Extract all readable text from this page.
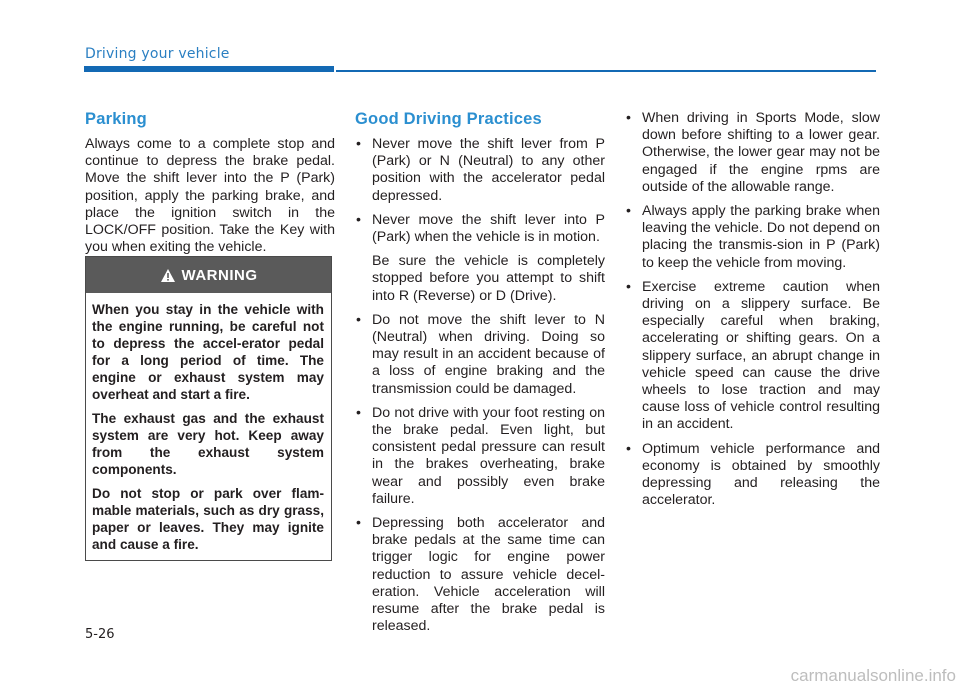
Driving your vehicle
Parking

Always come to a complete stop and continue to depress the brake pedal. Move the shift lever into the P (Park) position, apply the parking brake, and place the ignition switch in the LOCK/OFF position. Take the Key with you when exiting the vehicle.

WARNING

When you stay in the vehicle with the engine running, be careful not to depress the accel-erator pedal for a long period of time. The engine or exhaust system may overheat and start a fire.

The exhaust gas and the exhaust system are very hot. Keep away from the exhaust system components.

Do not stop or park over flam-mable materials, such as dry grass, paper or leaves. They may ignite and cause a fire.

Good Driving Practices
• Never move the shift lever from P (Park) or N (Neutral) to any other position with the accelerator pedal depressed.
• Never move the shift lever into P (Park) when the vehicle is in motion.
Be sure the vehicle is completely stopped before you attempt to shift into R (Reverse) or D (Drive).
• Do not move the shift lever to N (Neutral) when driving. Doing so may result in an accident because of a loss of engine braking and the transmission could be damaged.
• Do not drive with your foot resting on the brake pedal. Even light, but consistent pedal pressure can result in the brakes overheating, brake wear and possibly even brake failure.
• Depressing both accelerator and brake pedals at the same time can trigger logic for engine power reduction to assure vehicle decel-eration. Vehicle acceleration will resume after the brake pedal is released.
• When driving in Sports Mode, slow down before shifting to a lower gear. Otherwise, the lower gear may not be engaged if the engine rpms are outside of the allowable range.
• Always apply the parking brake when leaving the vehicle. Do not depend on placing the transmis-sion in P (Park) to keep the vehicle from moving.
• Exercise extreme caution when driving on a slippery surface. Be especially careful when braking, accelerating or shifting gears. On a slippery surface, an abrupt change in vehicle speed can cause the drive wheels to lose traction and may cause loss of vehicle control resulting in an accident.
• Optimum vehicle performance and economy is obtained by smoothly depressing and releasing the accelerator.
5-26
carmanualsonline.info
